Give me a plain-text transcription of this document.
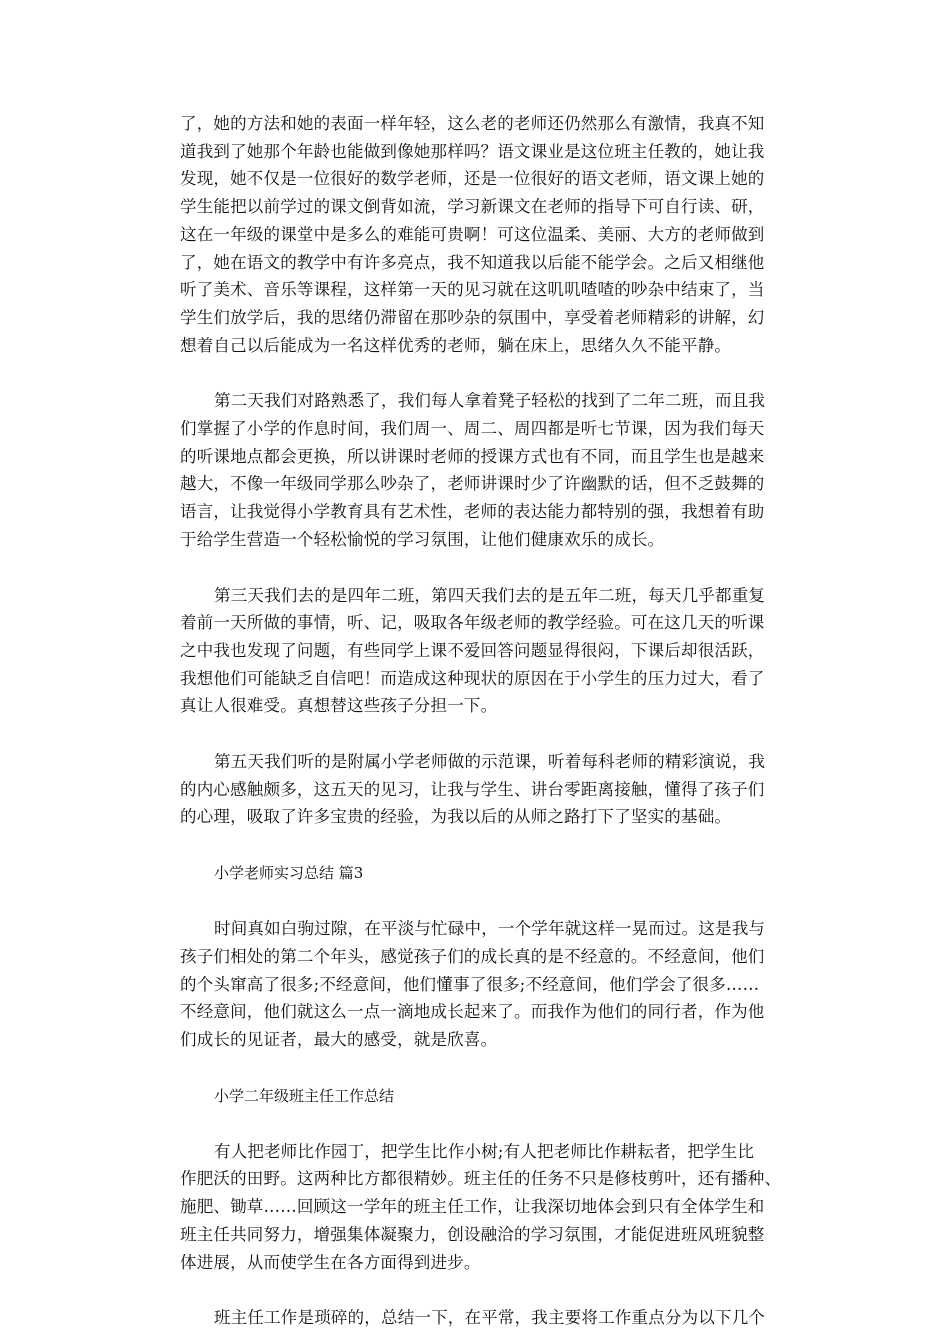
了，她的方法和她的表面一样年轻，这么老的老师还仍然那么有激情，我真不知
道我到了她那个年龄也能做到像她那样吗？语文课业是这位班主任教的，她让我
发现，她不仅是一位很好的数学老师，还是一位很好的语文老师，语文课上她的
学生能把以前学过的课文倒背如流，学习新课文在老师的指导下可自行读、研，
这在一年级的课堂中是多么的难能可贵啊！可这位温柔、美丽、大方的老师做到
了，她在语文的教学中有许多亮点，我不知道我以后能不能学会。之后又相继他
听了美术、音乐等课程，这样第一天的见习就在这叽叽喳喳的吵杂中结束了，当
学生们放学后，我的思绪仍滞留在那吵杂的氛围中，享受着老师精彩的讲解，幻
想着自己以后能成为一名这样优秀的老师，躺在床上，思绪久久不能平静。

第二天我们对路熟悉了，我们每人拿着凳子轻松的找到了二年二班，而且我
们掌握了小学的作息时间，我们周一、周二、周四都是听七节课，因为我们每天
的听课地点都会更换，所以讲课时老师的授课方式也有不同，而且学生也是越来
越大，不像一年级同学那么吵杂了，老师讲课时少了许幽默的话，但不乏鼓舞的
语言，让我觉得小学教育具有艺术性，老师的表达能力都特别的强，我想着有助
于给学生营造一个轻松愉悦的学习氛围，让他们健康欢乐的成长。

第三天我们去的是四年二班，第四天我们去的是五年二班，每天几乎都重复
着前一天所做的事情，听、记，吸取各年级老师的教学经验。可在这几天的听课
之中我也发现了问题，有些同学上课不爱回答问题显得很闷，下课后却很活跃，
我想他们可能缺乏自信吧！而造成这种现状的原因在于小学生的压力过大，看了
真让人很难受。真想替这些孩子分担一下。

第五天我们听的是附属小学老师做的示范课，听着每科老师的精彩演说，我
的内心感触颇多，这五天的见习，让我与学生、讲台零距离接触，懂得了孩子们
的心理，吸取了许多宝贵的经验，为我以后的从师之路打下了坚实的基础。

小学老师实习总结 篇3

时间真如白驹过隙，在平淡与忙碌中，一个学年就这样一晃而过。这是我与
孩子们相处的第二个年头，感觉孩子们的成长真的是不经意的。不经意间，他们
的个头窜高了很多;不经意间，他们懂事了很多;不经意间，他们学会了很多……
不经意间，他们就这么一点一滴地成长起来了。而我作为他们的同行者，作为他
们成长的见证者，最大的感受，就是欣喜。

小学二年级班主任工作总结

有人把老师比作园丁，把学生比作小树;有人把老师比作耕耘者，把学生比
作肥沃的田野。这两种比方都很精妙。班主任的任务不只是修枝剪叶，还有播种、
施肥、锄草……回顾这一学年的班主任工作，让我深切地体会到只有全体学生和
班主任共同努力，增强集体凝聚力，创设融洽的学习氛围，才能促进班风班貌整
体进展，从而使学生在各方面得到进步。

班主任工作是琐碎的，总结一下，在平常，我主要将工作重点分为以下几个
